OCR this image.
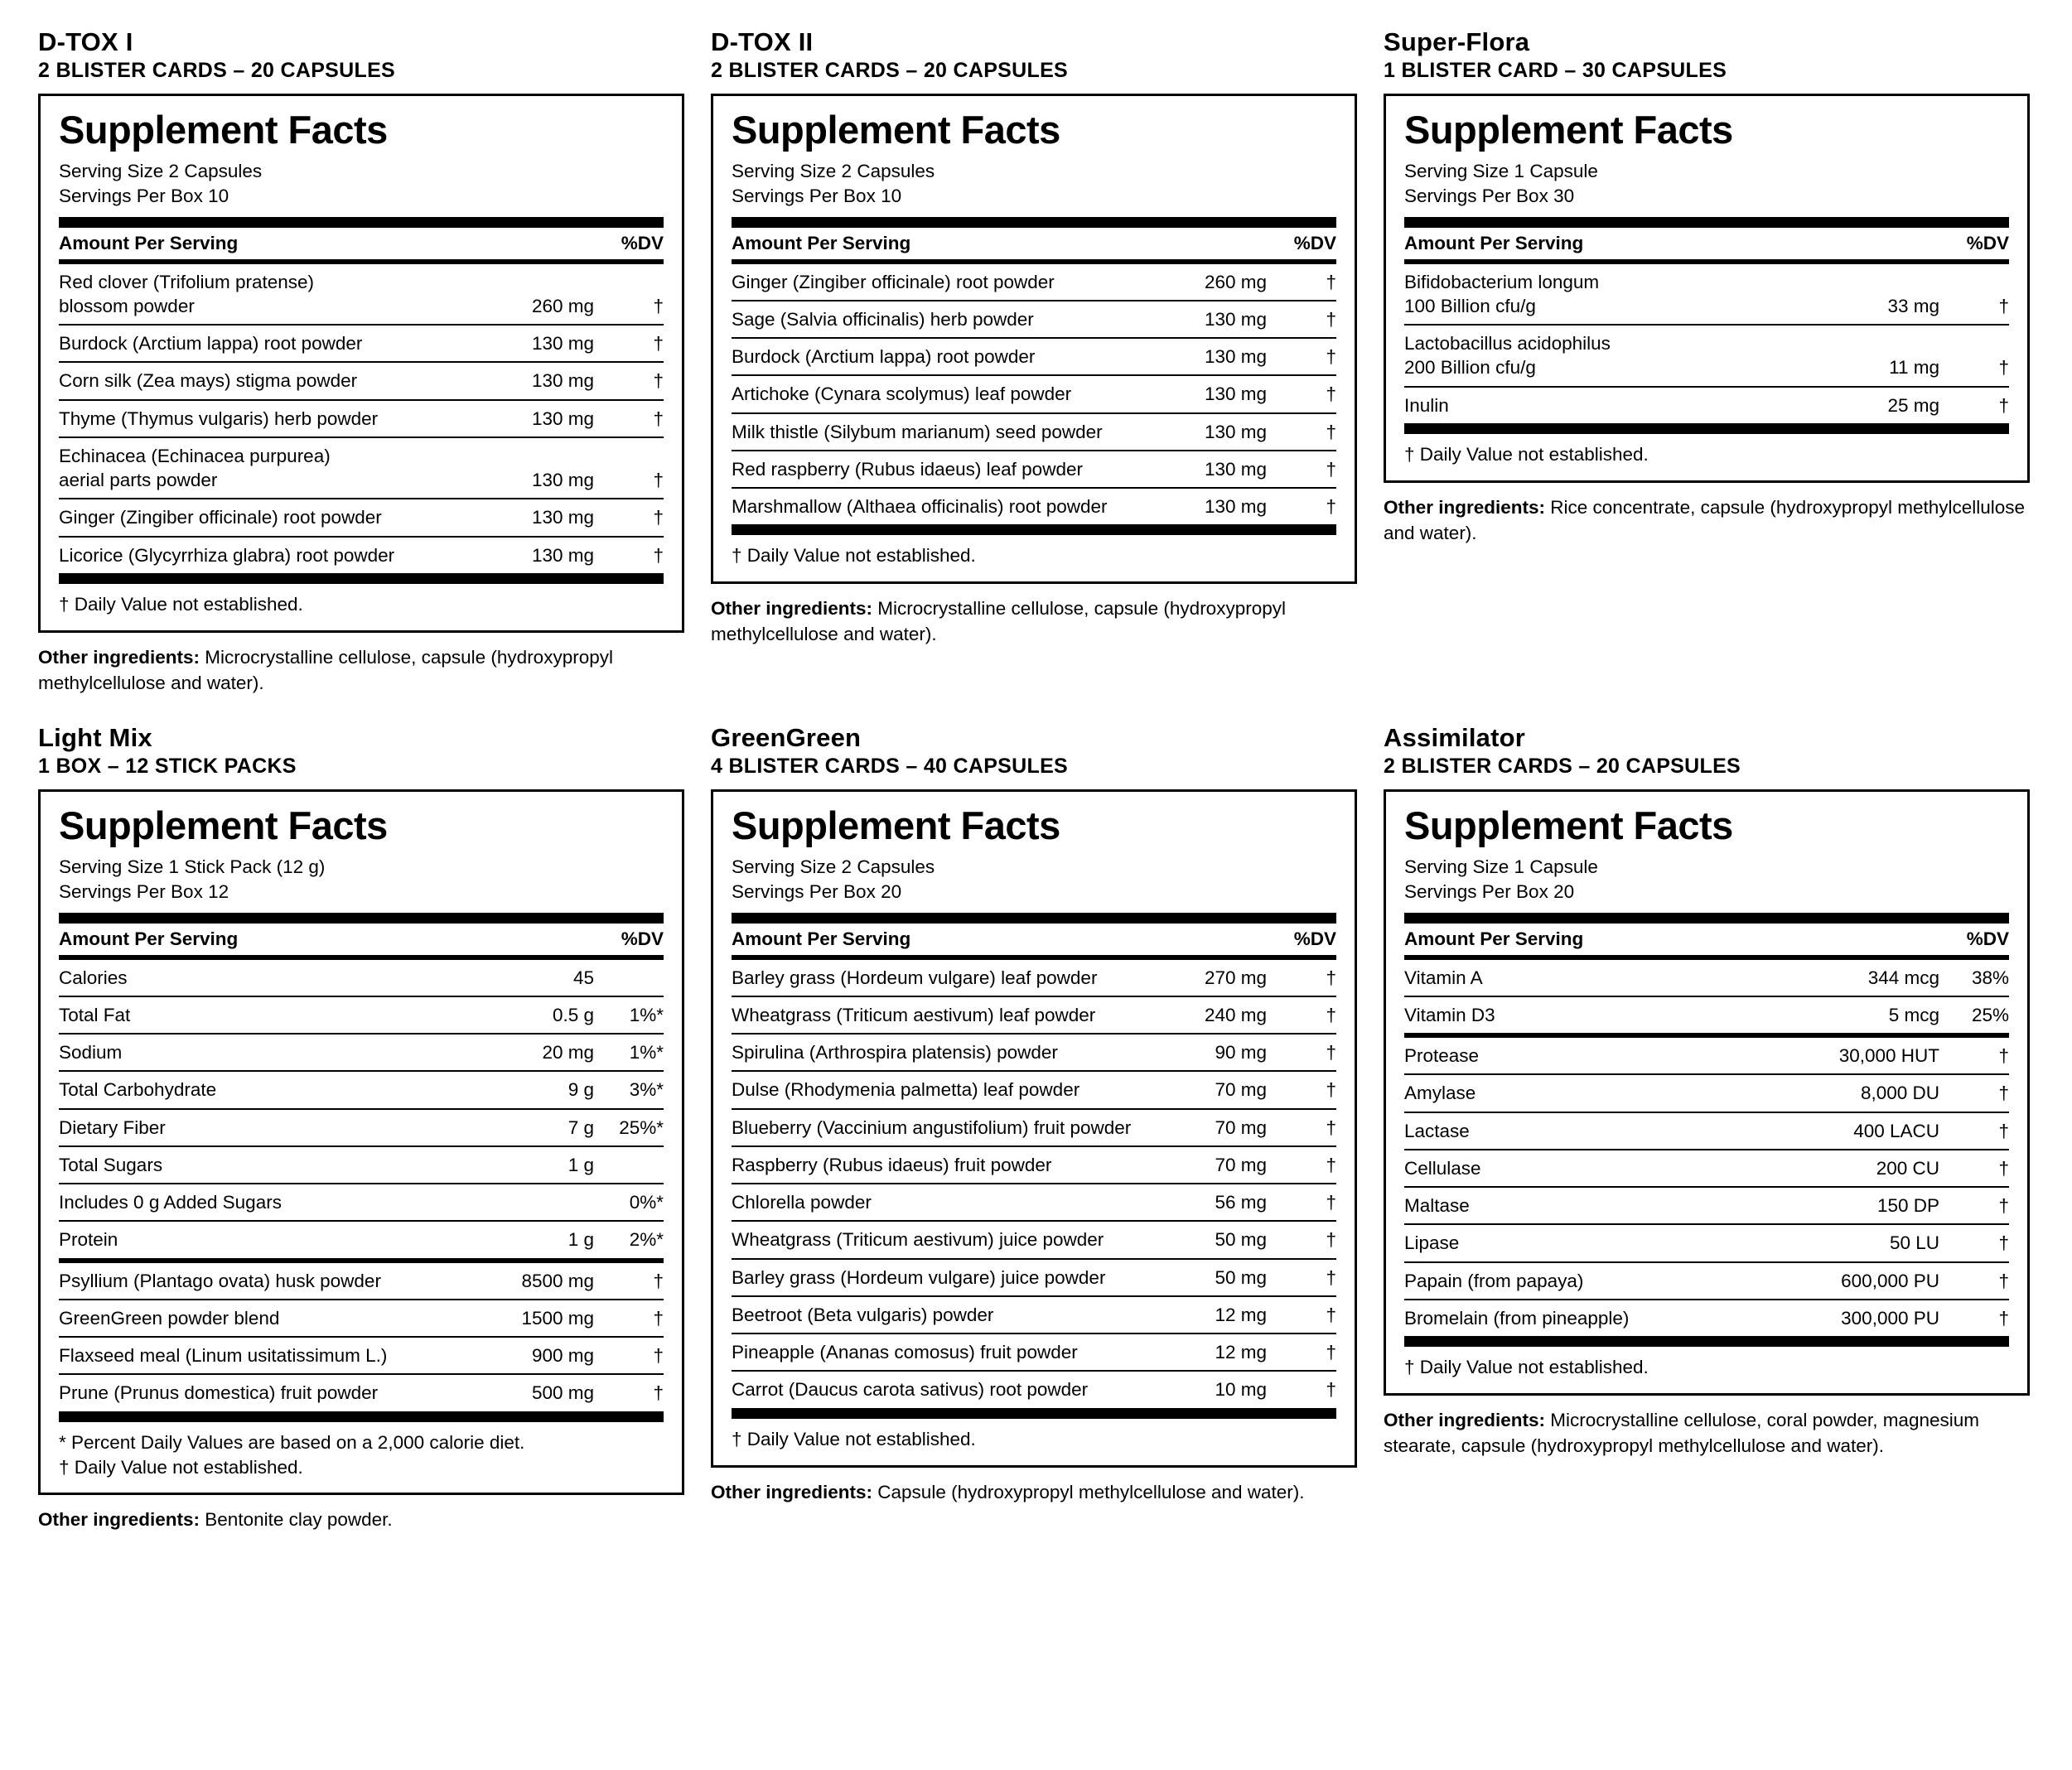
D-TOX I
2 BLISTER CARDS – 20 CAPSULES
Supplement Facts
Serving Size 2 Capsules
Servings Per Box 10
Amount Per Serving	%DV
Red clover (Trifolium pratense)
blossom powder	260 mg	†
Burdock (Arctium lappa) root powder	130 mg	†
Corn silk (Zea mays) stigma powder	130 mg	†
Thyme (Thymus vulgaris) herb powder	130 mg	†
Echinacea (Echinacea purpurea)
aerial parts powder	130 mg	†
Ginger (Zingiber officinale) root powder	130 mg	†
Licorice (Glycyrrhiza glabra) root powder	130 mg	†
† Daily Value not established.
Other ingredients: Microcrystalline cellulose, capsule (hydroxypropyl methylcellulose and water).
D-TOX II
2 BLISTER CARDS – 20 CAPSULES
Supplement Facts
Serving Size 2 Capsules
Servings Per Box 10
Amount Per Serving	%DV
Ginger (Zingiber officinale) root powder	260 mg	†
Sage (Salvia officinalis) herb powder	130 mg	†
Burdock (Arctium lappa) root powder	130 mg	†
Artichoke (Cynara scolymus) leaf powder	130 mg	†
Milk thistle (Silybum marianum) seed powder	130 mg	†
Red raspberry (Rubus idaeus) leaf powder	130 mg	†
Marshmallow (Althaea officinalis) root powder	130 mg	†
† Daily Value not established.
Other ingredients: Microcrystalline cellulose, capsule (hydroxypropyl methylcellulose and water).
Super-Flora
1 BLISTER CARD – 30 CAPSULES
Supplement Facts
Serving Size 1 Capsule
Servings Per Box 30
Amount Per Serving	%DV
Bifidobacterium longum
100 Billion cfu/g	33 mg	†
Lactobacillus acidophilus
200 Billion cfu/g	11 mg	†
Inulin	25 mg	†
† Daily Value not established.
Other ingredients: Rice concentrate, capsule (hydroxypropyl methylcellulose and water).
Light Mix
1 BOX – 12 STICK PACKS
Supplement Facts
Serving Size 1 Stick Pack (12 g)
Servings Per Box 12
Amount Per Serving	%DV
Calories	45	
Total Fat	0.5 g	1%*
Sodium	20 mg	1%*
Total Carbohydrate	9 g	3%*
Dietary Fiber	7 g	25%*
Total Sugars	1 g	
Includes 0 g Added Sugars		0%*
Protein	1 g	2%*
Psyllium (Plantago ovata) husk powder	8500 mg	†
GreenGreen powder blend	1500 mg	†
Flaxseed meal (Linum usitatissimum L.)	900 mg	†
Prune (Prunus domestica) fruit powder	500 mg	†
* Percent Daily Values are based on a 2,000 calorie diet.
† Daily Value not established.
Other ingredients: Bentonite clay powder.
GreenGreen
4 BLISTER CARDS – 40 CAPSULES
Supplement Facts
Serving Size 2 Capsules
Servings Per Box 20
Amount Per Serving	%DV
Barley grass (Hordeum vulgare) leaf powder	270 mg	†
Wheatgrass (Triticum aestivum) leaf powder	240 mg	†
Spirulina (Arthrospira platensis) powder	90 mg	†
Dulse (Rhodymenia palmetta) leaf powder	70 mg	†
Blueberry (Vaccinium angustifolium) fruit powder	70 mg	†
Raspberry (Rubus idaeus) fruit powder	70 mg	†
Chlorella powder	56 mg	†
Wheatgrass (Triticum aestivum) juice powder	50 mg	†
Barley grass (Hordeum vulgare) juice powder	50 mg	†
Beetroot (Beta vulgaris) powder	12 mg	†
Pineapple (Ananas comosus) fruit powder	12 mg	†
Carrot (Daucus carota sativus) root powder	10 mg	†
† Daily Value not established.
Other ingredients: Capsule (hydroxypropyl methylcellulose and water).
Assimilator
2 BLISTER CARDS – 20 CAPSULES
Supplement Facts
Serving Size 1 Capsule
Servings Per Box 20
Amount Per Serving	%DV
Vitamin A	344 mcg	38%
Vitamin D3	5 mcg	25%
Protease	30,000 HUT	†
Amylase	8,000 DU	†
Lactase	400 LACU	†
Cellulase	200 CU	†
Maltase	150 DP	†
Lipase	50 LU	†
Papain (from papaya)	600,000 PU	†
Bromelain (from pineapple)	300,000 PU	†
† Daily Value not established.
Other ingredients: Microcrystalline cellulose, coral powder, magnesium stearate, capsule (hydroxypropyl methylcellulose and water).
